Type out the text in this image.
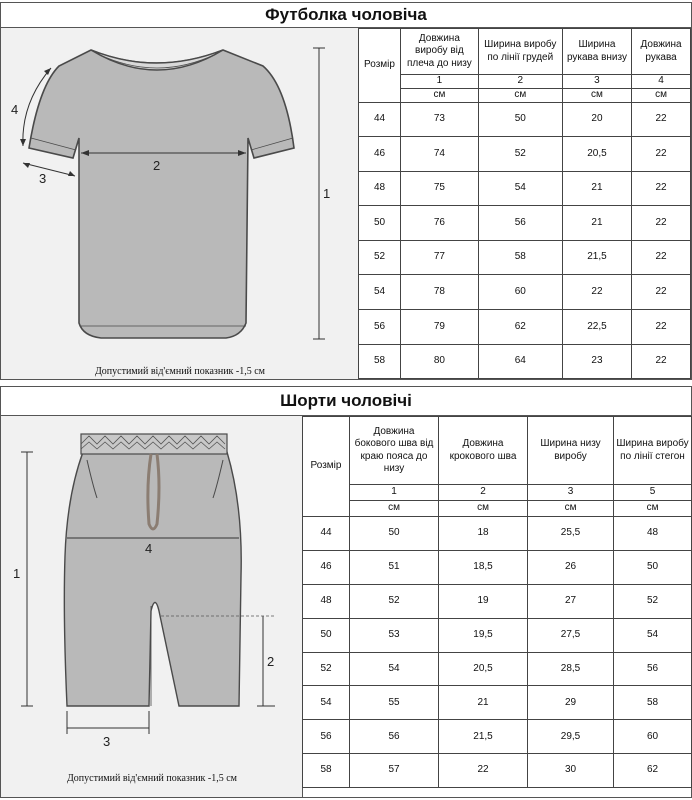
Футболка чоловіча
1
2
3
4
Допустимий від'ємний показник -1,5 см
Розмір	Довжина виробу від плеча до низу	Ширина виробу по лінії грудей	Ширина рукава внизу	Довжина рукава
	1	2	3	4
	см	см	см	см
44	73	50	20	22
46	74	52	20,5	22
48	75	54	21	22
50	76	56	21	22
52	77	58	21,5	22
54	78	60	22	22
56	79	62	22,5	22
58	80	64	23	22
Шорти чоловічі
1
2
3
4
Допустимий від'ємний показник -1,5 см
Розмір	Довжина бокового шва від краю пояса до низу	Довжина крокового шва	Ширина низу виробу	Ширина виробу по лінії стегон
	1	2	3	5
	см	см	см	см
44	50	18	25,5	48
46	51	18,5	26	50
48	52	19	27	52
50	53	19,5	27,5	54
52	54	20,5	28,5	56
54	55	21	29	58
56	56	21,5	29,5	60
58	57	22	30	62
